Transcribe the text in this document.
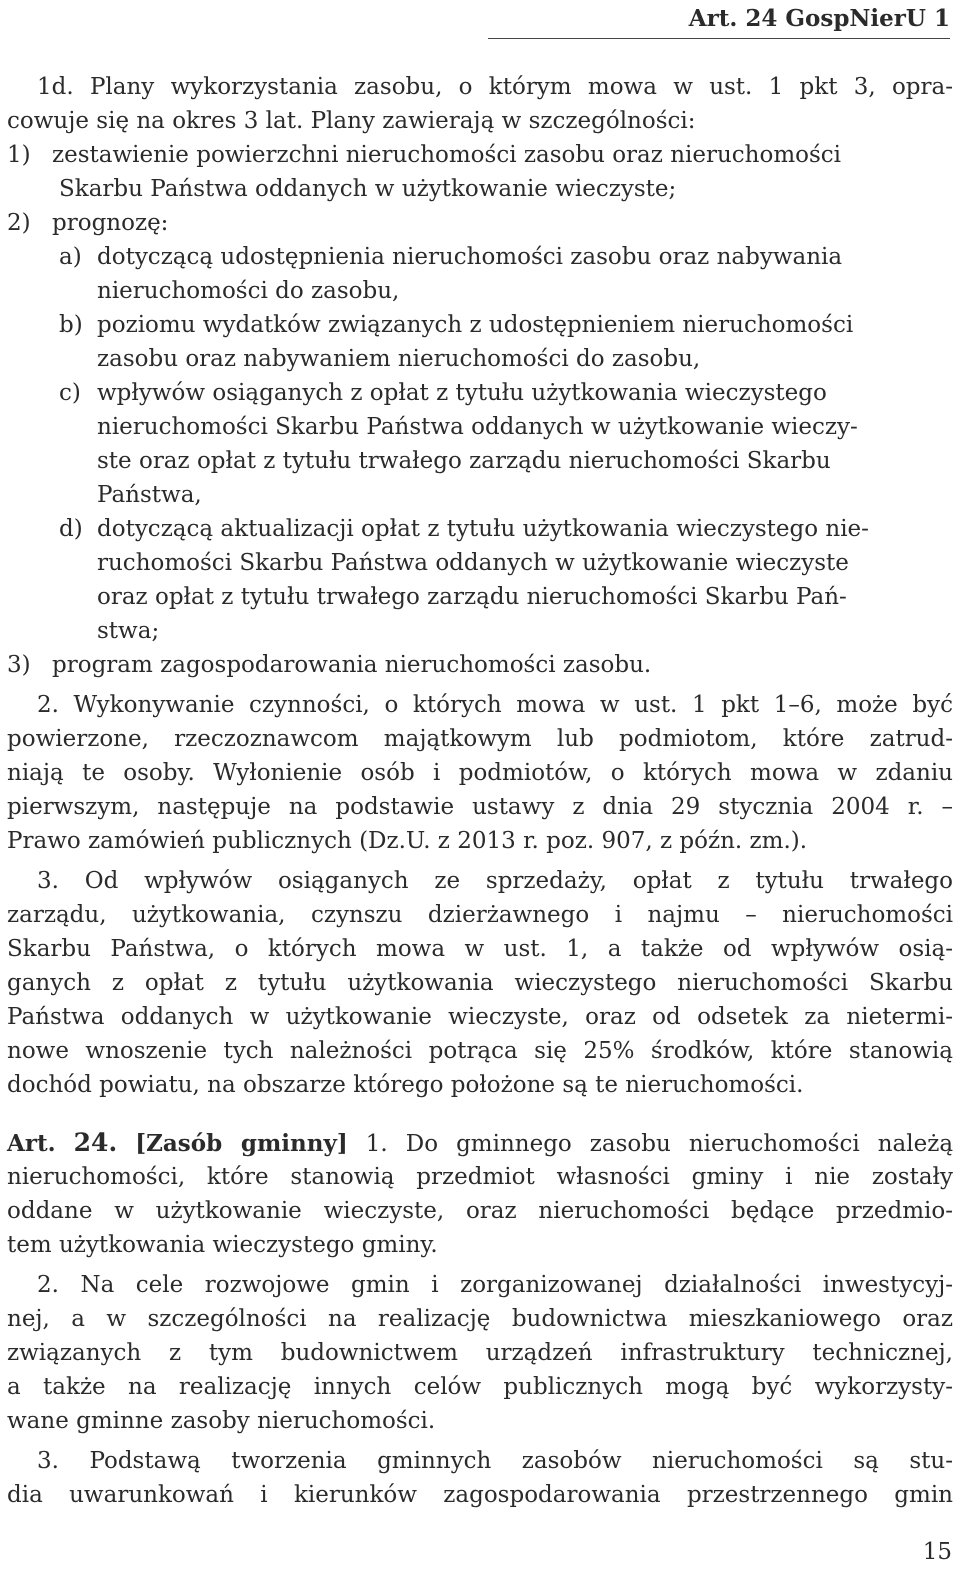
Art. 24 GospNierU 1
1d. Plany wykorzystania zasobu, o którym mowa w ust. 1 pkt 3, opra-
cowuje się na okres 3 lat. Plany zawierają w szczególności:
1) zestawienie powierzchni nieruchomości zasobu oraz nieruchomości
Skarbu Państwa oddanych w użytkowanie wieczyste;
2) prognozę:
a) dotyczącą udostępnienia nieruchomości zasobu oraz nabywania
nieruchomości do zasobu,
b) poziomu wydatków związanych z udostępnieniem nieruchomości
zasobu oraz nabywaniem nieruchomości do zasobu,
c) wpływów osiąganych z opłat z tytułu użytkowania wieczystego
nieruchomości Skarbu Państwa oddanych w użytkowanie wieczy-
ste oraz opłat z tytułu trwałego zarządu nieruchomości Skarbu
Państwa,
d) dotyczącą aktualizacji opłat z tytułu użytkowania wieczystego nie-
ruchomości Skarbu Państwa oddanych w użytkowanie wieczyste
oraz opłat z tytułu trwałego zarządu nieruchomości Skarbu Pań-
stwa;
3) program zagospodarowania nieruchomości zasobu.
2. Wykonywanie czynności, o których mowa w ust. 1 pkt 1–6, może być
powierzone, rzeczoznawcom majątkowym lub podmiotom, które zatrud-
niają te osoby. Wyłonienie osób i podmiotów, o których mowa w zdaniu
pierwszym, następuje na podstawie ustawy z dnia 29 stycznia 2004 r. –
Prawo zamówień publicznych (Dz.U. z 2013 r. poz. 907, z późn. zm.).
3. Od wpływów osiąganych ze sprzedaży, opłat z tytułu trwałego
zarządu, użytkowania, czynszu dzierżawnego i najmu – nieruchomości
Skarbu Państwa, o których mowa w ust. 1, a także od wpływów osią-
ganych z opłat z tytułu użytkowania wieczystego nieruchomości Skarbu
Państwa oddanych w użytkowanie wieczyste, oraz od odsetek za nietermi-
nowe wnoszenie tych należności potrąca się 25% środków, które stanowią
dochód powiatu, na obszarze którego położone są te nieruchomości.
Art. 24. [Zasób gminny] 1. Do gminnego zasobu nieruchomości należą
nieruchomości, które stanowią przedmiot własności gminy i nie zostały
oddane w użytkowanie wieczyste, oraz nieruchomości będące przedmio-
tem użytkowania wieczystego gminy.
2. Na cele rozwojowe gmin i zorganizowanej działalności inwestycyj-
nej, a w szczególności na realizację budownictwa mieszkaniowego oraz
związanych z tym budownictwem urządzeń infrastruktury technicznej,
a także na realizację innych celów publicznych mogą być wykorzysty-
wane gminne zasoby nieruchomości.
3. Podstawą tworzenia gminnych zasobów nieruchomości są stu-
dia uwarunkowań i kierunków zagospodarowania przestrzennego gmin
15
